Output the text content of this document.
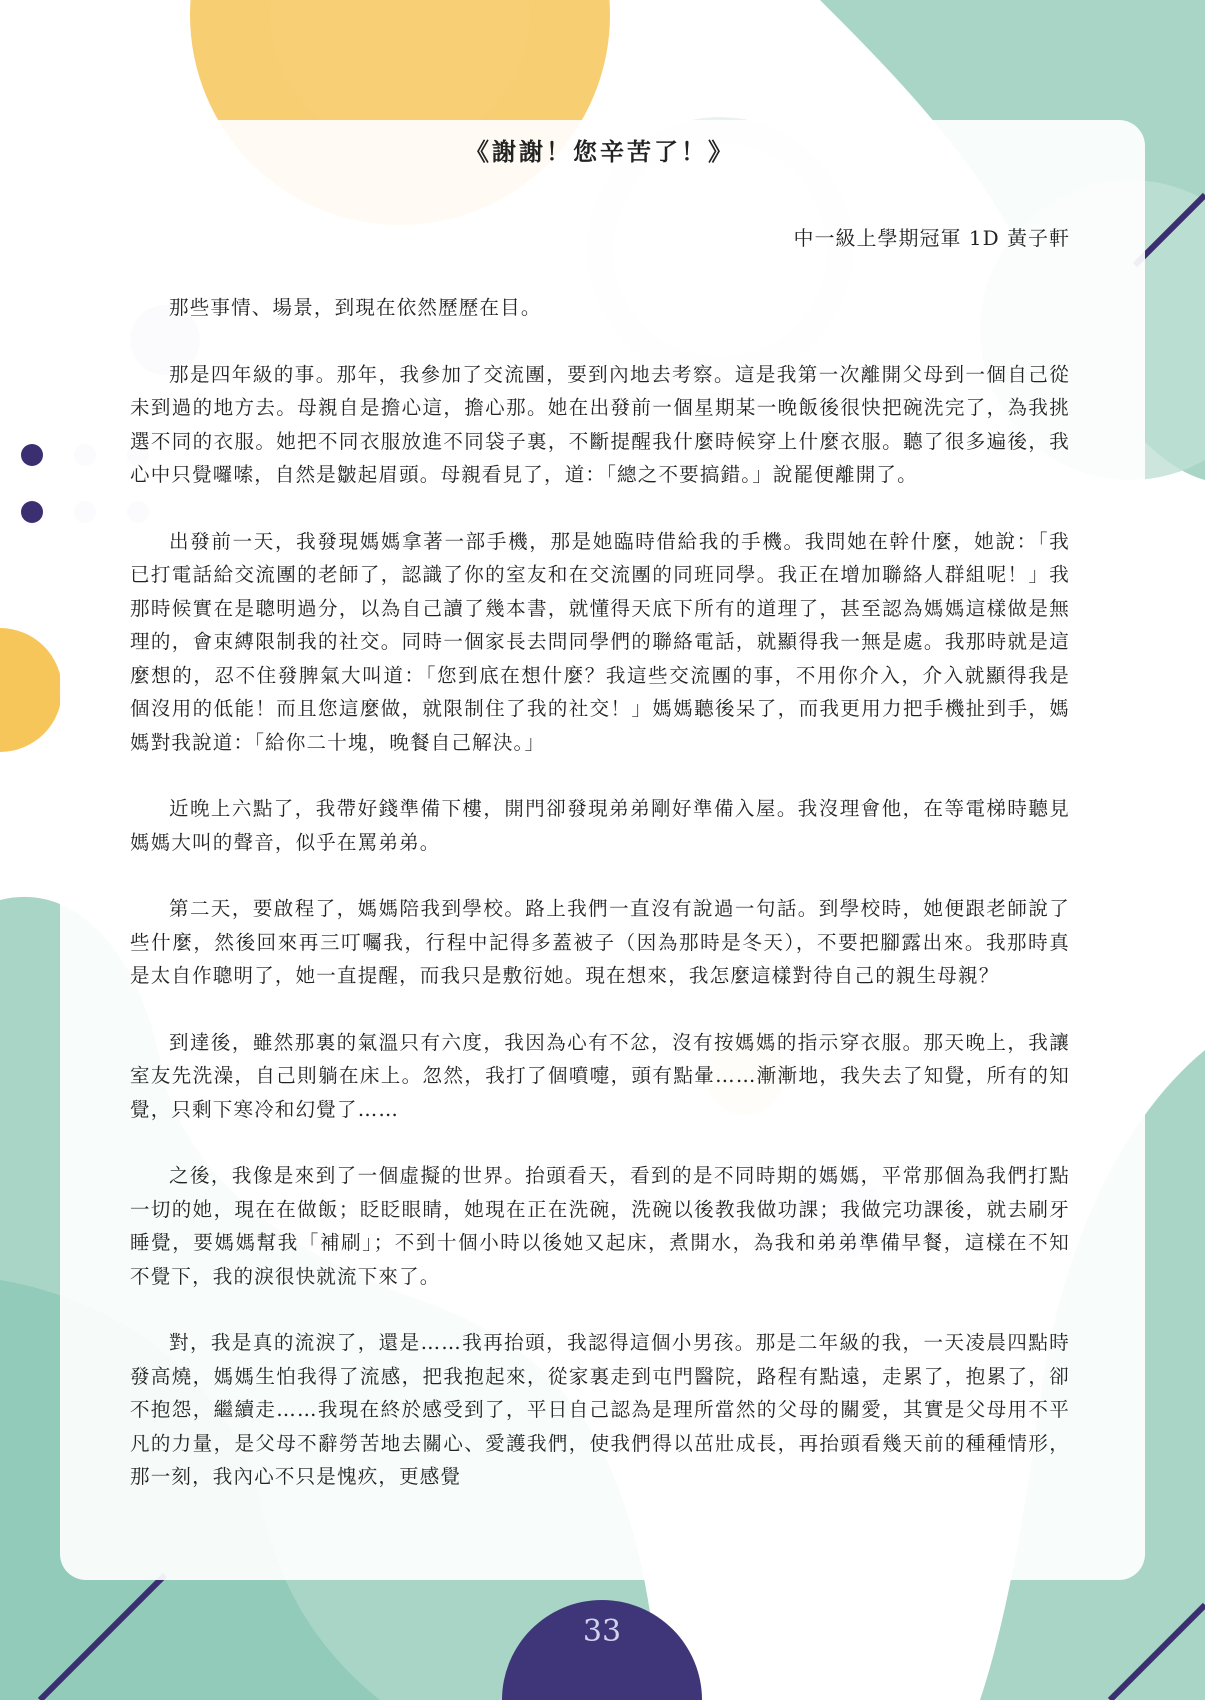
《謝謝！您辛苦了！》
中一級上學期冠軍 1D 黃子軒

那些事情、場景，到現在依然歷歷在目。

那是四年級的事。那年，我參加了交流團，要到內地去考察。這是我第一次離開父母到一個自己從未到過的地方去。母親自是擔心這，擔心那。她在出發前一個星期某一晚飯後很快把碗洗完了，為我挑選不同的衣服。她把不同衣服放進不同袋子裏，不斷提醒我什麼時候穿上什麼衣服。聽了很多遍後，我心中只覺囉嗦，自然是皺起眉頭。母親看見了，道：「總之不要搞錯。」說罷便離開了。

出發前一天，我發現媽媽拿著一部手機，那是她臨時借給我的手機。我問她在幹什麼，她說：「我已打電話給交流團的老師了，認識了你的室友和在交流團的同班同學。我正在增加聯絡人群組呢！」我那時候實在是聰明過分，以為自己讀了幾本書，就懂得天底下所有的道理了，甚至認為媽媽這樣做是無理的，會束縛限制我的社交。同時一個家長去問同學們的聯絡電話，就顯得我一無是處。我那時就是這麼想的，忍不住發脾氣大叫道：「您到底在想什麼？我這些交流團的事，不用你介入，介入就顯得我是個沒用的低能！而且您這麼做，就限制住了我的社交！」媽媽聽後呆了，而我更用力把手機扯到手，媽媽對我說道：「給你二十塊，晚餐自己解決。」

近晚上六點了，我帶好錢準備下樓，開門卻發現弟弟剛好準備入屋。我沒理會他，在等電梯時聽見媽媽大叫的聲音，似乎在罵弟弟。

第二天，要啟程了，媽媽陪我到學校。路上我們一直沒有說過一句話。到學校時，她便跟老師說了些什麼，然後回來再三叮囑我，行程中記得多蓋被子（因為那時是冬天），不要把腳露出來。我那時真是太自作聰明了，她一直提醒，而我只是敷衍她。現在想來，我怎麼這樣對待自己的親生母親？

到達後，雖然那裏的氣溫只有六度，我因為心有不忿，沒有按媽媽的指示穿衣服。那天晚上，我讓室友先洗澡，自己則躺在床上。忽然，我打了個噴嚏，頭有點暈……漸漸地，我失去了知覺，所有的知覺，只剩下寒冷和幻覺了……

之後，我像是來到了一個虛擬的世界。抬頭看天，看到的是不同時期的媽媽，平常那個為我們打點一切的她，現在在做飯；眨眨眼睛，她現在正在洗碗，洗碗以後教我做功課；我做完功課後，就去刷牙睡覺，要媽媽幫我「補刷」；不到十個小時以後她又起床，煮開水，為我和弟弟準備早餐，這樣在不知不覺下，我的淚很快就流下來了。

對，我是真的流淚了，還是……我再抬頭，我認得這個小男孩。那是二年級的我，一天凌晨四點時發高燒，媽媽生怕我得了流感，把我抱起來，從家裏走到屯門醫院，路程有點遠，走累了，抱累了，卻不抱怨，繼續走……我現在終於感受到了，平日自己認為是理所當然的父母的關愛，其實是父母用不平凡的力量，是父母不辭勞苦地去關心、愛護我們，使我們得以茁壯成長，再抬頭看幾天前的種種情形，那一刻，我內心不只是愧疚，更感覺

33
